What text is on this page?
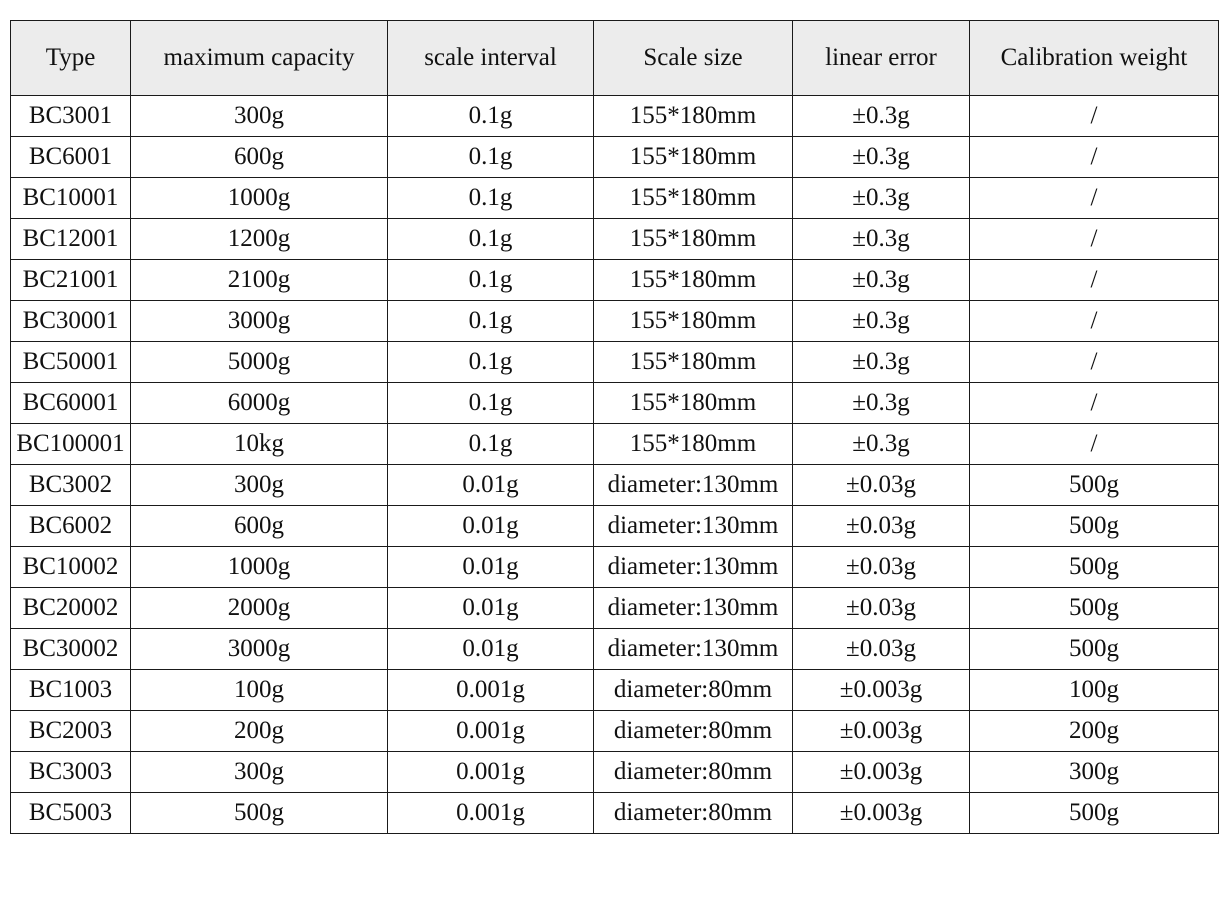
Type	maximum capacity	scale interval	Scale size	linear error	Calibration weight
BC3001	300g	0.1g	155*180mm	±0.3g	/
BC6001	600g	0.1g	155*180mm	±0.3g	/
BC10001	1000g	0.1g	155*180mm	±0.3g	/
BC12001	1200g	0.1g	155*180mm	±0.3g	/
BC21001	2100g	0.1g	155*180mm	±0.3g	/
BC30001	3000g	0.1g	155*180mm	±0.3g	/
BC50001	5000g	0.1g	155*180mm	±0.3g	/
BC60001	6000g	0.1g	155*180mm	±0.3g	/
BC100001	10kg	0.1g	155*180mm	±0.3g	/
BC3002	300g	0.01g	diameter:130mm	±0.03g	500g
BC6002	600g	0.01g	diameter:130mm	±0.03g	500g
BC10002	1000g	0.01g	diameter:130mm	±0.03g	500g
BC20002	2000g	0.01g	diameter:130mm	±0.03g	500g
BC30002	3000g	0.01g	diameter:130mm	±0.03g	500g
BC1003	100g	0.001g	diameter:80mm	±0.003g	100g
BC2003	200g	0.001g	diameter:80mm	±0.003g	200g
BC3003	300g	0.001g	diameter:80mm	±0.003g	300g
BC5003	500g	0.001g	diameter:80mm	±0.003g	500g
